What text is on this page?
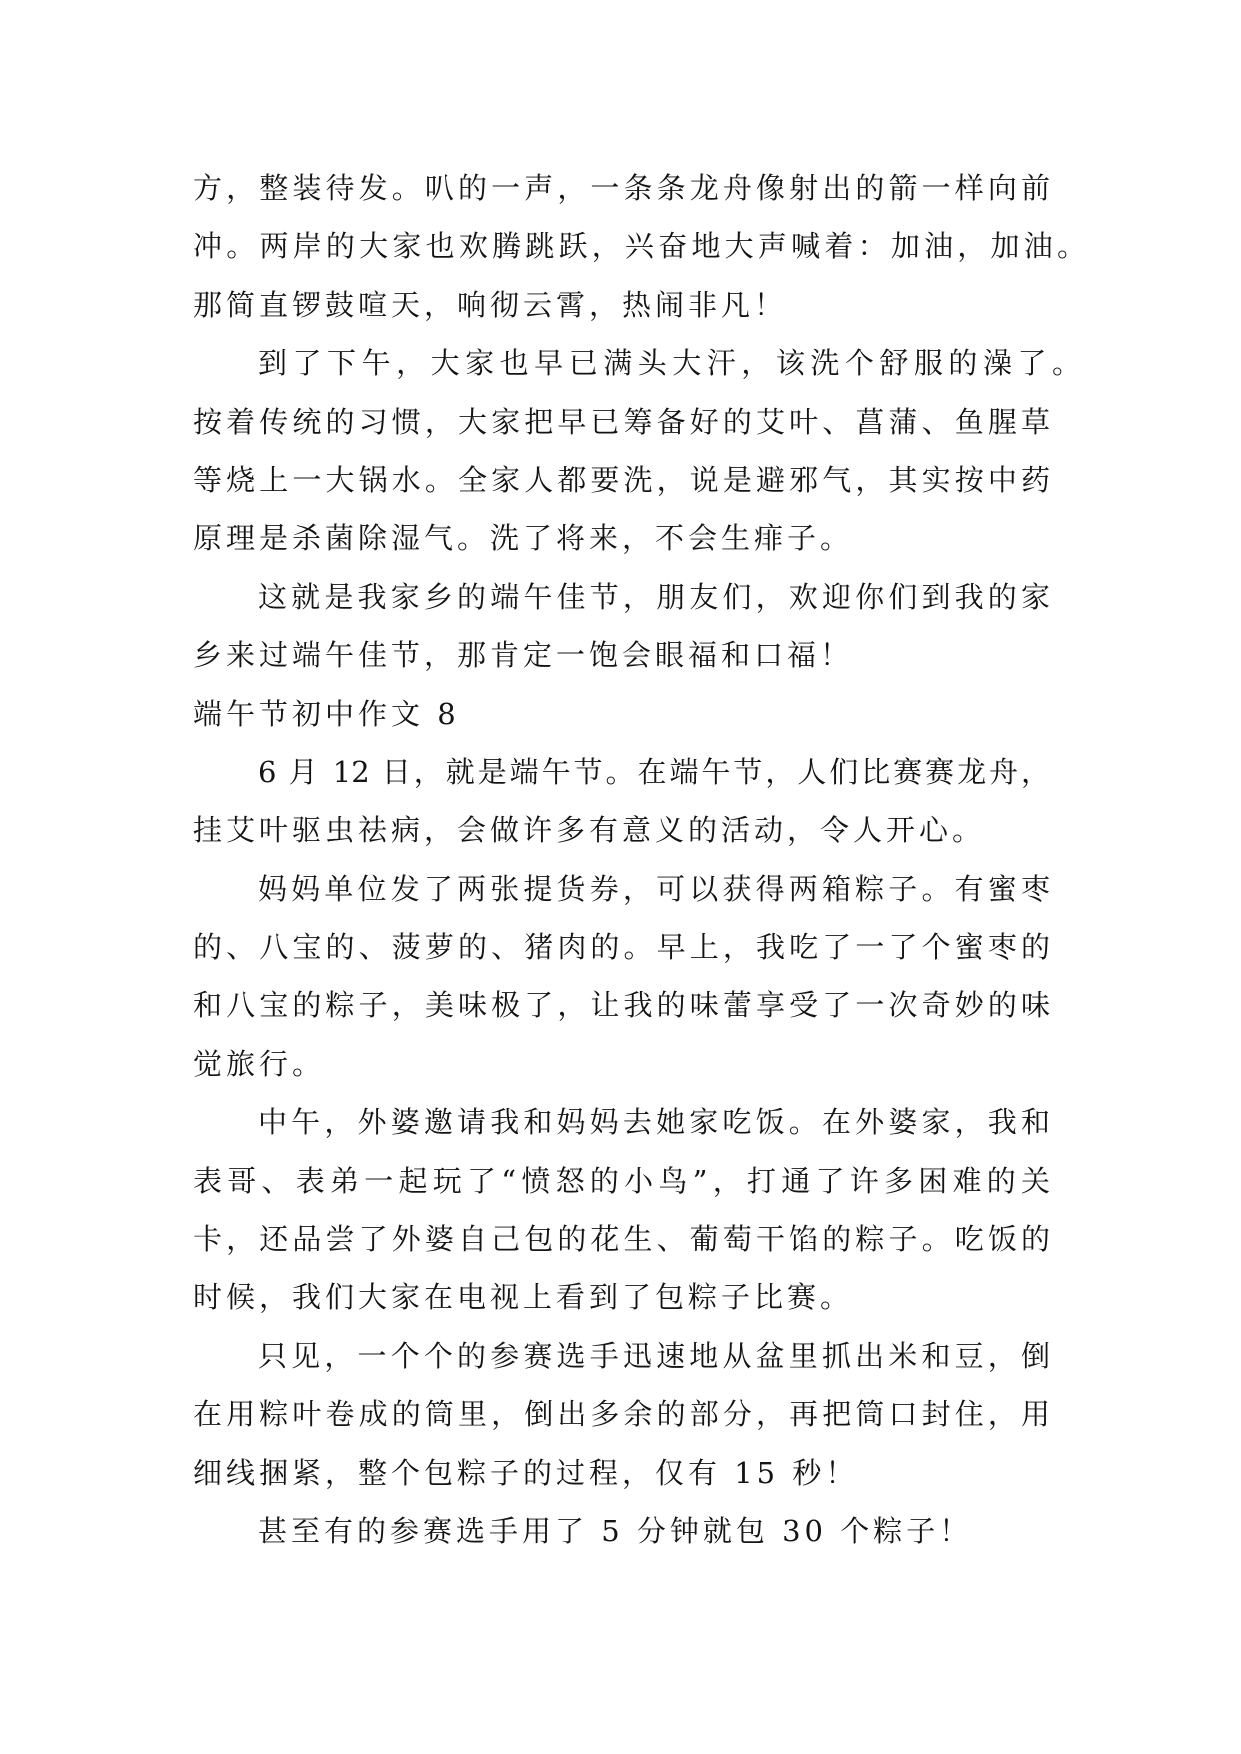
方，整装待发。叭的一声，一条条龙舟像射出的箭一样向前
冲。两岸的大家也欢腾跳跃，兴奋地大声喊着：加油，加油。
那简直锣鼓喧天，响彻云霄，热闹非凡！
到了下午，大家也早已满头大汗，该洗个舒服的澡了。
按着传统的习惯，大家把早已筹备好的艾叶、菖蒲、鱼腥草
等烧上一大锅水。全家人都要洗，说是避邪气，其实按中药
原理是杀菌除湿气。洗了将来，不会生痱子。
这就是我家乡的端午佳节，朋友们，欢迎你们到我的家
乡来过端午佳节，那肯定一饱会眼福和口福！
端午节初中作文 8
6 月 12 日，就是端午节。在端午节，人们比赛赛龙舟，
挂艾叶驱虫祛病，会做许多有意义的活动，令人开心。
妈妈单位发了两张提货券，可以获得两箱粽子。有蜜枣
的、八宝的、菠萝的、猪肉的。早上，我吃了一了个蜜枣的
和八宝的粽子，美味极了，让我的味蕾享受了一次奇妙的味
觉旅行。
中午，外婆邀请我和妈妈去她家吃饭。在外婆家，我和
表哥、表弟一起玩了“愤怒的小鸟”，打通了许多困难的关
卡，还品尝了外婆自己包的花生、葡萄干馅的粽子。吃饭的
时候，我们大家在电视上看到了包粽子比赛。
只见，一个个的参赛选手迅速地从盆里抓出米和豆，倒
在用粽叶卷成的筒里，倒出多余的部分，再把筒口封住，用
细线捆紧，整个包粽子的过程，仅有 15 秒！
甚至有的参赛选手用了 5 分钟就包 30 个粽子！
